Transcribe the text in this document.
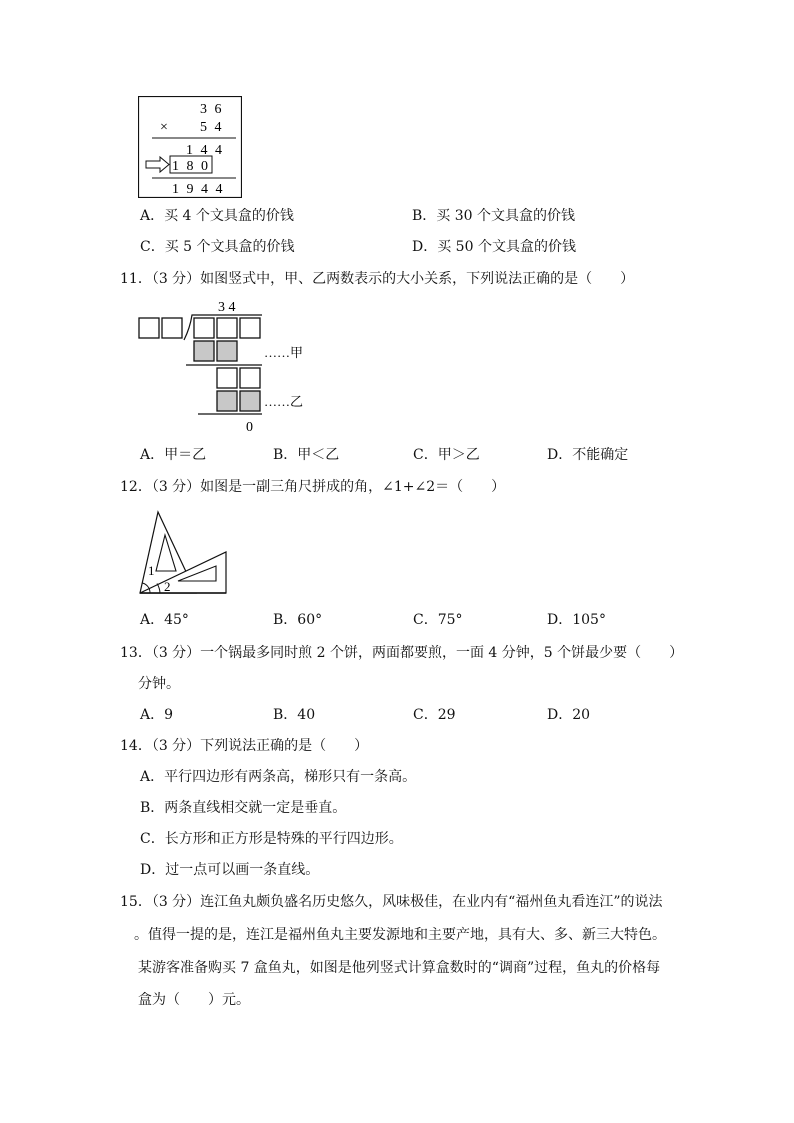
3 6
× 5 4
1 4 4
1 8 0
1 9 4 4
A．买 4 个文具盒的价钱	B．买 30 个文具盒的价钱
C．买 5 个文具盒的价钱	D．买 50 个文具盒的价钱
11．（3 分）如图竖式中，甲、乙两数表示的大小关系，下列说法正确的是（　　）
3 4
……甲
……乙
0
A．甲＝乙	B．甲＜乙	C．甲＞乙	D．不能确定
12．（3 分）如图是一副三角尺拼成的角，∠1+∠2＝（　　）
1
2
A．45°	B．60°	C．75°	D．105°
13．（3 分）一个锅最多同时煎 2 个饼，两面都要煎，一面 4 分钟，5 个饼最少要（　　）
分钟。
A．9	B．40	C．29	D．20
14．（3 分）下列说法正确的是（　　）
A．平行四边形有两条高，梯形只有一条高。
B．两条直线相交就一定是垂直。
C．长方形和正方形是特殊的平行四边形。
D．过一点可以画一条直线。
15．（3 分）连江鱼丸颇负盛名历史悠久，风味极佳，在业内有“福州鱼丸看连江”的说法
。值得一提的是，连江是福州鱼丸主要发源地和主要产地，具有大、多、新三大特色。
某游客准备购买 7 盒鱼丸，如图是他列竖式计算盒数时的“调商”过程，鱼丸的价格每
盒为（　　）元。
